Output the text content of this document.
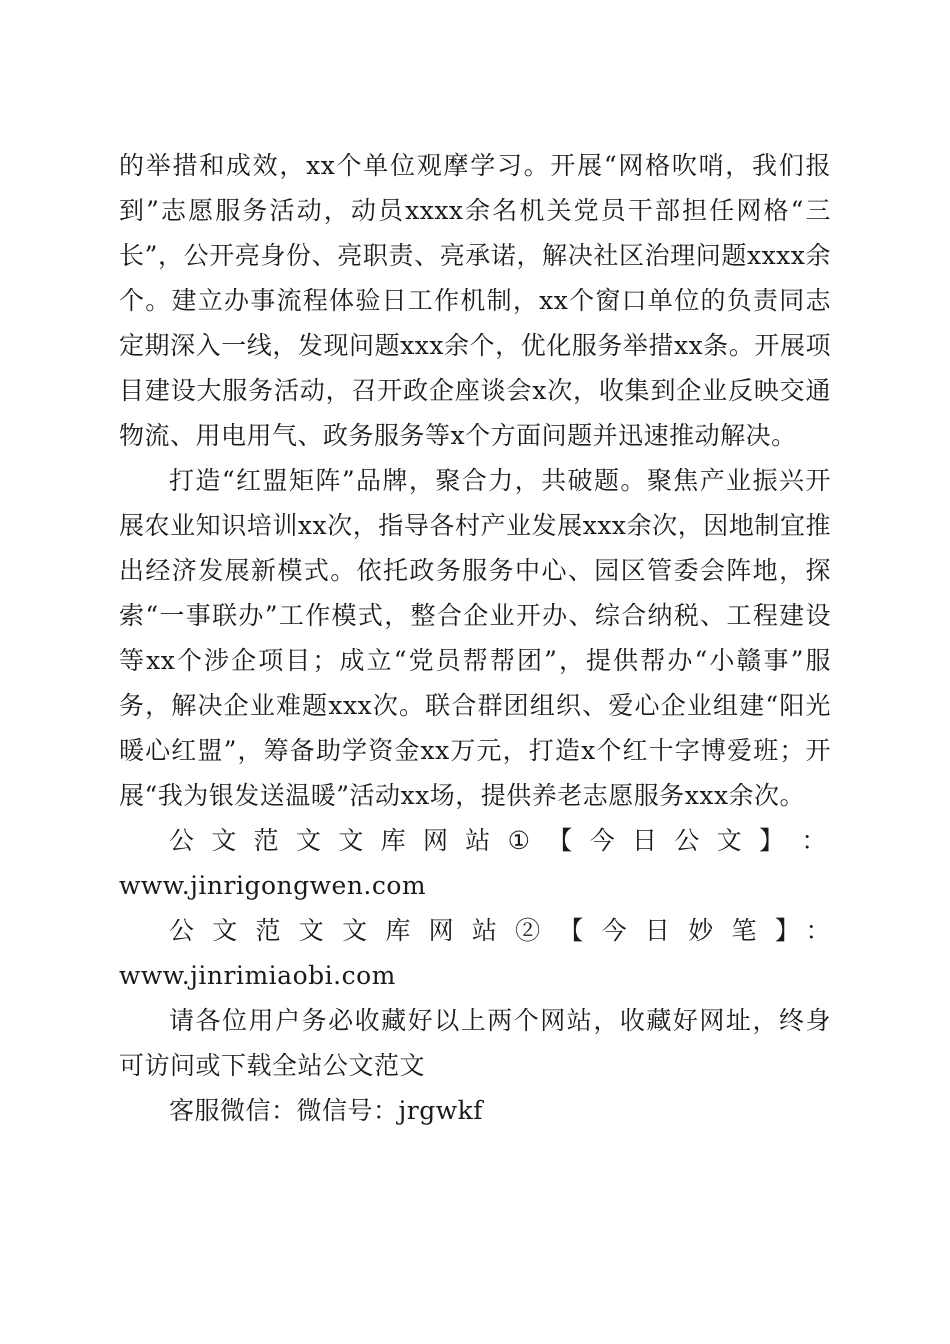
的举措和成效，xx个单位观摩学习。开展“网格吹哨，我们报到”志愿服务活动，动员xxxx余名机关党员干部担任网格“三长”，公开亮身份、亮职责、亮承诺，解决社区治理问题xxxx余个。建立办事流程体验日工作机制，xx个窗口单位的负责同志定期深入一线，发现问题xxx余个，优化服务举措xx条。开展项目建设大服务活动，召开政企座谈会x次，收集到企业反映交通物流、用电用气、政务服务等x个方面问题并迅速推动解决。

打造“红盟矩阵”品牌，聚合力，共破题。聚焦产业振兴开展农业知识培训xx次，指导各村产业发展xxx余次，因地制宜推出经济发展新模式。依托政务服务中心、园区管委会阵地，探索“一事联办”工作模式，整合企业开办、综合纳税、工程建设等xx个涉企项目；成立“党员帮帮团”，提供帮办“小赣事”服务，解决企业难题xxx次。联合群团组织、爱心企业组建“阳光暖心红盟”，筹备助学资金xx万元，打造x个红十字博爱班；开展“我为银发送温暖”活动xx场，提供养老志愿服务xxx余次。

公 文 范 文 文 库 网 站 ① 【 今 日 公 文 】 ：
www.jinrigongwen.com

公文范文文库网站②【今日妙笔】：www.jinrimiaobi.com

请各位用户务必收藏好以上两个网站，收藏好网址，终身可访问或下载全站公文范文

客服微信：微信号：jrgwkf
